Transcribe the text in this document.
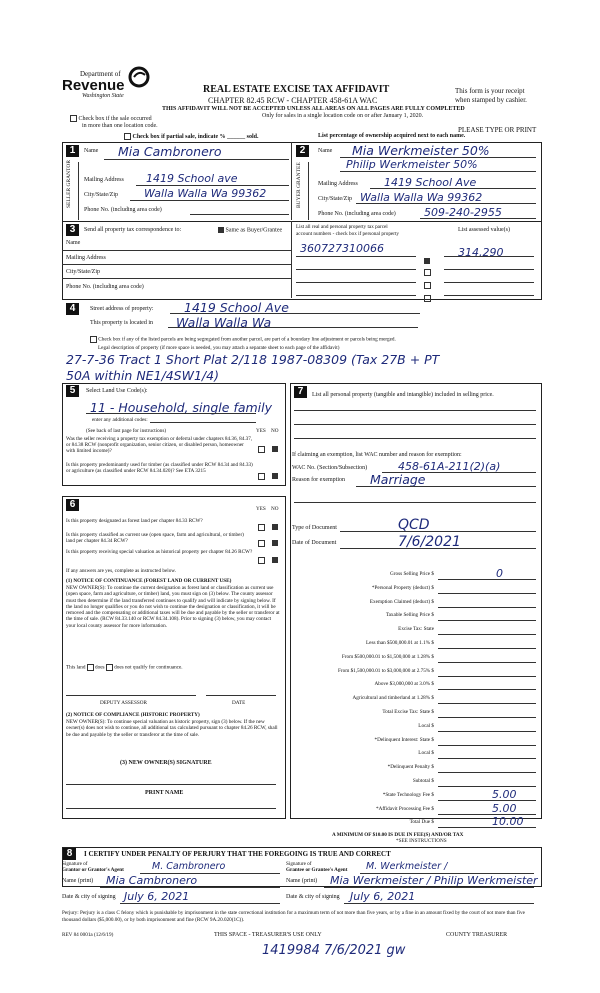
Department of
Revenue
Washington State
REAL ESTATE EXCISE TAX AFFIDAVIT
CHAPTER 82.45 RCW - CHAPTER 458-61A WAC
THIS AFFIDAVIT WILL NOT BE ACCEPTED UNLESS ALL AREAS ON ALL PAGES ARE FULLY COMPLETED
Only for sales in a single location code on or after January 1, 2020.
This form is your receipt
when stamped by cashier.
Check box if the sale occurred
in more than one location code.
Check box if partial sale, indicate % ______ sold.	List percentage of ownership acquired next to each name.
PLEASE TYPE OR PRINT
1
SELLER GRANTOR
Name Mia Cambronero
Mailing Address 1419 School ave
City/State/Zip Walla Walla Wa 99362
Phone No. (including area code)
2
BUYER GRANTEE
Name Mia Werkmeister 50%
Philip Werkmeister 50%
Mailing Address 1419 School Ave
City/State/Zip Walla Walla Wa 99362
Phone No. (including area code)	509-240-2955
3	Send all property tax correspondence to:	Same as Buyer/Grantee
List all real and personal property tax parcel
account numbers - check box if personal property
List assessed value(s)
Name
Mailing Address
City/State/Zip
Phone No. (including area code)
360727310066	314,290
4	Street address of property: 1419 School Ave
This property is located in Walla Walla Wa
Check box if any of the listed parcels are being segregated from another parcel, are part of a boundary line adjustment or parcels being merged.
Legal description of property (if more space is needed, you may attach a separate sheet to each page of the affidavit)
27-7-36 Tract 1 Short Plat 2/118 1987-08309 (Tax 27B + PT
50A within NE1/4SW1/4)
5	Select Land Use Code(s):
11 - Household, single family
enter any additional codes:
(See back of last page for instructions)	YES NO
Was the seller receiving a property tax exemption or deferral under chapters 84.36, 84.37, or 84.38 RCW (nonprofit organization, senior citizen, or disabled person, homeowner with limited income)?
Is this property predominantly used for timber (as classified under RCW 84.34 and 84.33) or agriculture (as classified under RCW 84.34.020)? See ETA 3215
6	YES NO
Is this property designated as forest land per chapter 84.33 RCW?
Is this property classified as current use (open space, farm and agricultural, or timber) land per chapter 84.34 RCW?
Is this property receiving special valuation as historical property per chapter 84.26 RCW?
If any answers are yes, complete as instructed below.
(1) NOTICE OF CONTINUANCE (FOREST LAND OR CURRENT USE)
NEW OWNER(S): To continue the current designation as forest land or classification as current use (open space, farm and agriculture, or timber) land, you must sign on (3) below. The county assessor must then determine if the land transferred continues to qualify and will indicate by signing below. If the land no longer qualifies or you do not wish to continue the designation or classification, it will be removed and the compensating or additional taxes will be due and payable by the seller or transferor at the time of sale. (RCW 84.33.140 or RCW 84.34.108). Prior to signing (3) below, you may contact your local county assessor for more information.
This land does does not qualify for continuance.
DEPUTY ASSESSOR	DATE
(2) NOTICE OF COMPLIANCE (HISTORIC PROPERTY)
NEW OWNER(S): To continue special valuation as historic property, sign (3) below. If the new owner(s) does not wish to continue, all additional tax calculated pursuant to chapter 84.26 RCW, shall be due and payable by the seller or transferor at the time of sale.
(3) NEW OWNER(S) SIGNATURE
PRINT NAME
7	List all personal property (tangible and intangible) included in selling price.
If claiming an exemption, list WAC number and reason for exemption:
WAC No. (Section/Subsection)	458-61A-211(2)(a)
Reason for exemption Marriage
Type of Document	QCD
Date of Document	7/6/2021
Gross Selling Price $	0
*Personal Property (deduct) $
Exemption Claimed (deduct) $
Taxable Selling Price $
Excise Tax: State
Less than $500,000.01 at 1.1% $
From $500,000.01 to $1,500,000 at 1.28% $
From $1,500,000.01 to $3,000,000 at 2.75% $
Above $3,000,000 at 3.0% $
Agricultural and timberland at 1.28% $
Total Excise Tax: State $
Local $
*Delinquent Interest: State $
Local $
*Delinquent Penalty $
Subtotal $
*State Technology Fee $	5.00
*Affidavit Processing Fee $	5.00
Total Due $	10.00
A MINIMUM OF $10.00 IS DUE IN FEE(S) AND/OR TAX
*SEE INSTRUCTIONS
8	I CERTIFY UNDER PENALTY OF PERJURY THAT THE FOREGOING IS TRUE AND CORRECT
Signature of
Grantor or Grantor's Agent	M. Cambronero	Signature of
Grantee or Grantee's Agent M. Werkmeister /
Name (print) Mia Cambronero	Name (print) Mia Werkmeister / Philip Werkmeister
Date & city of signing July 6, 2021	Date & city of signing July 6, 2021
Perjury: Perjury is a class C felony which is punishable by imprisonment in the state correctional institution for a maximum term of not more than five years, or by a fine in an amount fixed by the court of not more than five thousand dollars ($5,000.00), or by both imprisonment and fine (RCW 9A.20.020(1C)).
REV 84 0001a (12/6/19)	THIS SPACE - TREASURER'S USE ONLY	COUNTY TREASURER
1419984 7/6/2021 gw
